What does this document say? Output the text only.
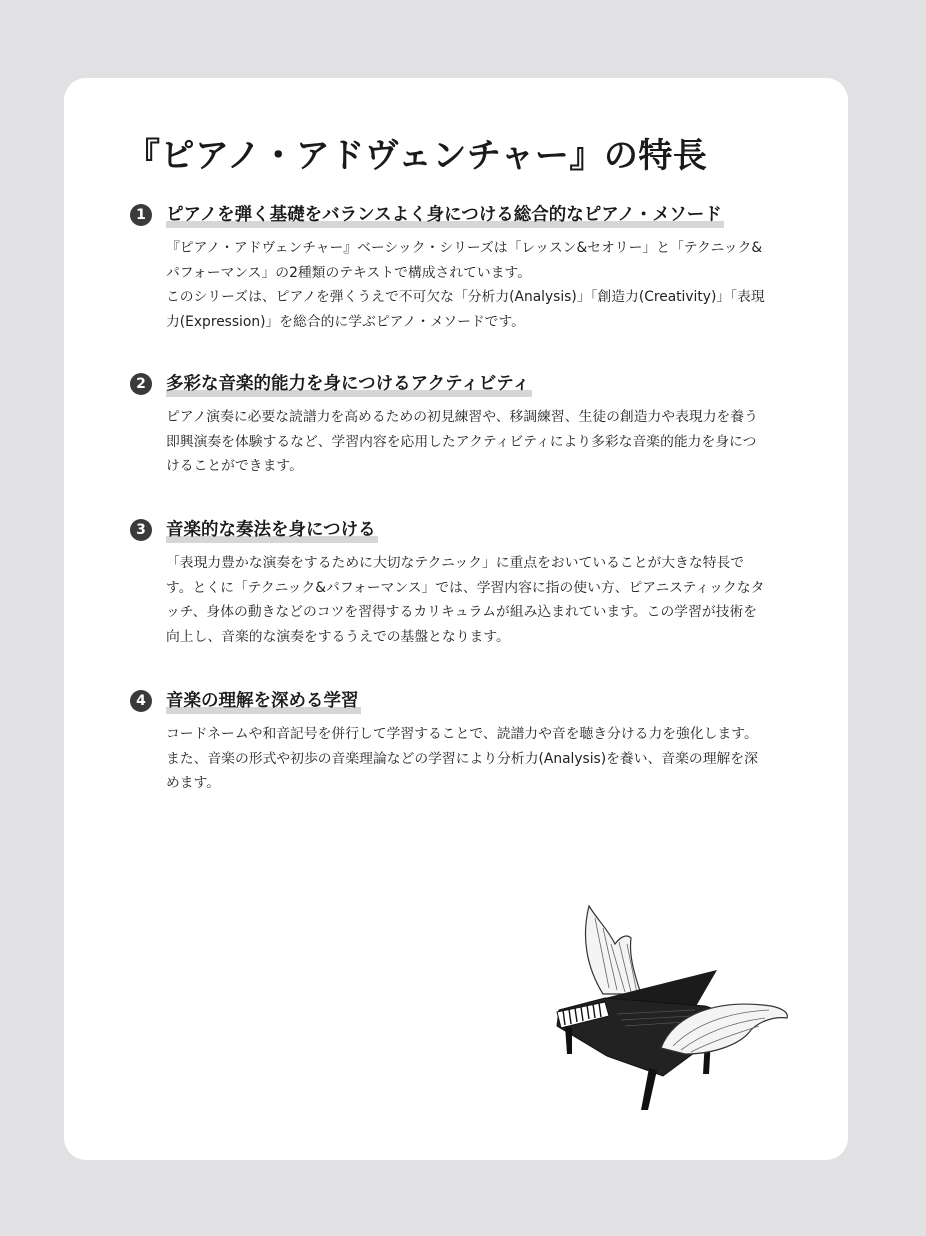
『ピアノ・アドヴェンチャー』の特長
1	ピアノを弾く基礎をバランスよく身につける総合的なピアノ・メソード
『ピアノ・アドヴェンチャー』ベーシック・シリーズは「レッスン&セオリー」と「テクニック&パフォーマンス」の2種類のテキストで構成されています。
このシリーズは、ピアノを弾くうえで不可欠な「分析力(Analysis)」「創造力(Creativity)」「表現力(Expression)」を総合的に学ぶピアノ・メソードです。
2	多彩な音楽的能力を身につけるアクティビティ
ピアノ演奏に必要な読譜力を高めるための初見練習や、移調練習、生徒の創造力や表現力を養う即興演奏を体験するなど、学習内容を応用したアクティビティにより多彩な音楽的能力を身につけることができます。
3	音楽的な奏法を身につける
「表現力豊かな演奏をするために大切なテクニック」に重点をおいていることが大きな特長です。とくに「テクニック&パフォーマンス」では、学習内容に指の使い方、ピアニスティックなタッチ、身体の動きなどのコツを習得するカリキュラムが組み込まれています。この学習が技術を向上し、音楽的な演奏をするうえでの基盤となります。
4	音楽の理解を深める学習
コードネームや和音記号を併行して学習することで、読譜力や音を聴き分ける力を強化します。また、音楽の形式や初歩の音楽理論などの学習により分析力(Analysis)を養い、音楽の理解を深めます。
